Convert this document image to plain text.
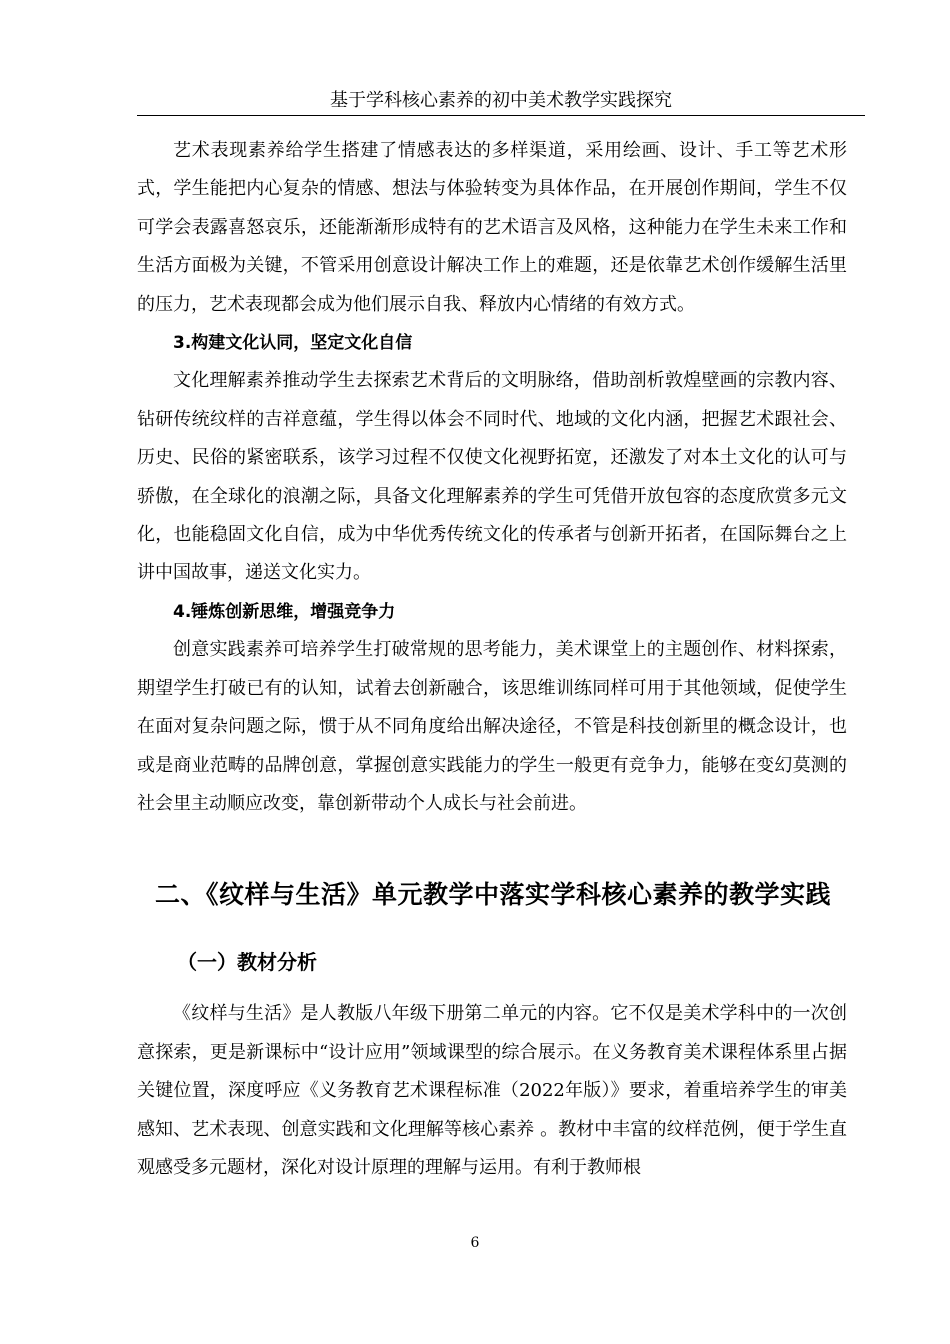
基于学科核心素养的初中美术教学实践探究

艺术表现素养给学生搭建了情感表达的多样渠道，采用绘画、设计、手工等艺术形式，学生能把内心复杂的情感、想法与体验转变为具体作品，在开展创作期间，学生不仅可学会表露喜怒哀乐，还能渐渐形成特有的艺术语言及风格，这种能力在学生未来工作和生活方面极为关键，不管采用创意设计解决工作上的难题，还是依靠艺术创作缓解生活里的压力，艺术表现都会成为他们展示自我、释放内心情绪的有效方式。

3.构建文化认同，坚定文化自信

文化理解素养推动学生去探索艺术背后的文明脉络，借助剖析敦煌壁画的宗教内容、钻研传统纹样的吉祥意蕴，学生得以体会不同时代、地域的文化内涵，把握艺术跟社会、历史、民俗的紧密联系，该学习过程不仅使文化视野拓宽，还激发了对本土文化的认可与骄傲，在全球化的浪潮之际，具备文化理解素养的学生可凭借开放包容的态度欣赏多元文化，也能稳固文化自信，成为中华优秀传统文化的传承者与创新开拓者，在国际舞台之上讲中国故事，递送文化实力。

4.锤炼创新思维，增强竞争力

创意实践素养可培养学生打破常规的思考能力，美术课堂上的主题创作、材料探索，期望学生打破已有的认知，试着去创新融合，该思维训练同样可用于其他领域，促使学生在面对复杂问题之际，惯于从不同角度给出解决途径，不管是科技创新里的概念设计，也或是商业范畴的品牌创意，掌握创意实践能力的学生一般更有竞争力，能够在变幻莫测的社会里主动顺应改变，靠创新带动个人成长与社会前进。

二、《纹样与生活》单元教学中落实学科核心素养的教学实践
（一）教材分析

《纹样与生活》是人教版八年级下册第二单元的内容。它不仅是美术学科中的一次创意探索，更是新课标中“设计应用”领域课型的综合展示。在义务教育美术课程体系里占据关键位置，深度呼应《义务教育艺术课程标准（2022年版）》要求，着重培养学生的审美感知、艺术表现、创意实践和文化理解等核心素养 。教材中丰富的纹样范例，便于学生直观感受多元题材，深化对设计原理的理解与运用。有利于教师根

6
